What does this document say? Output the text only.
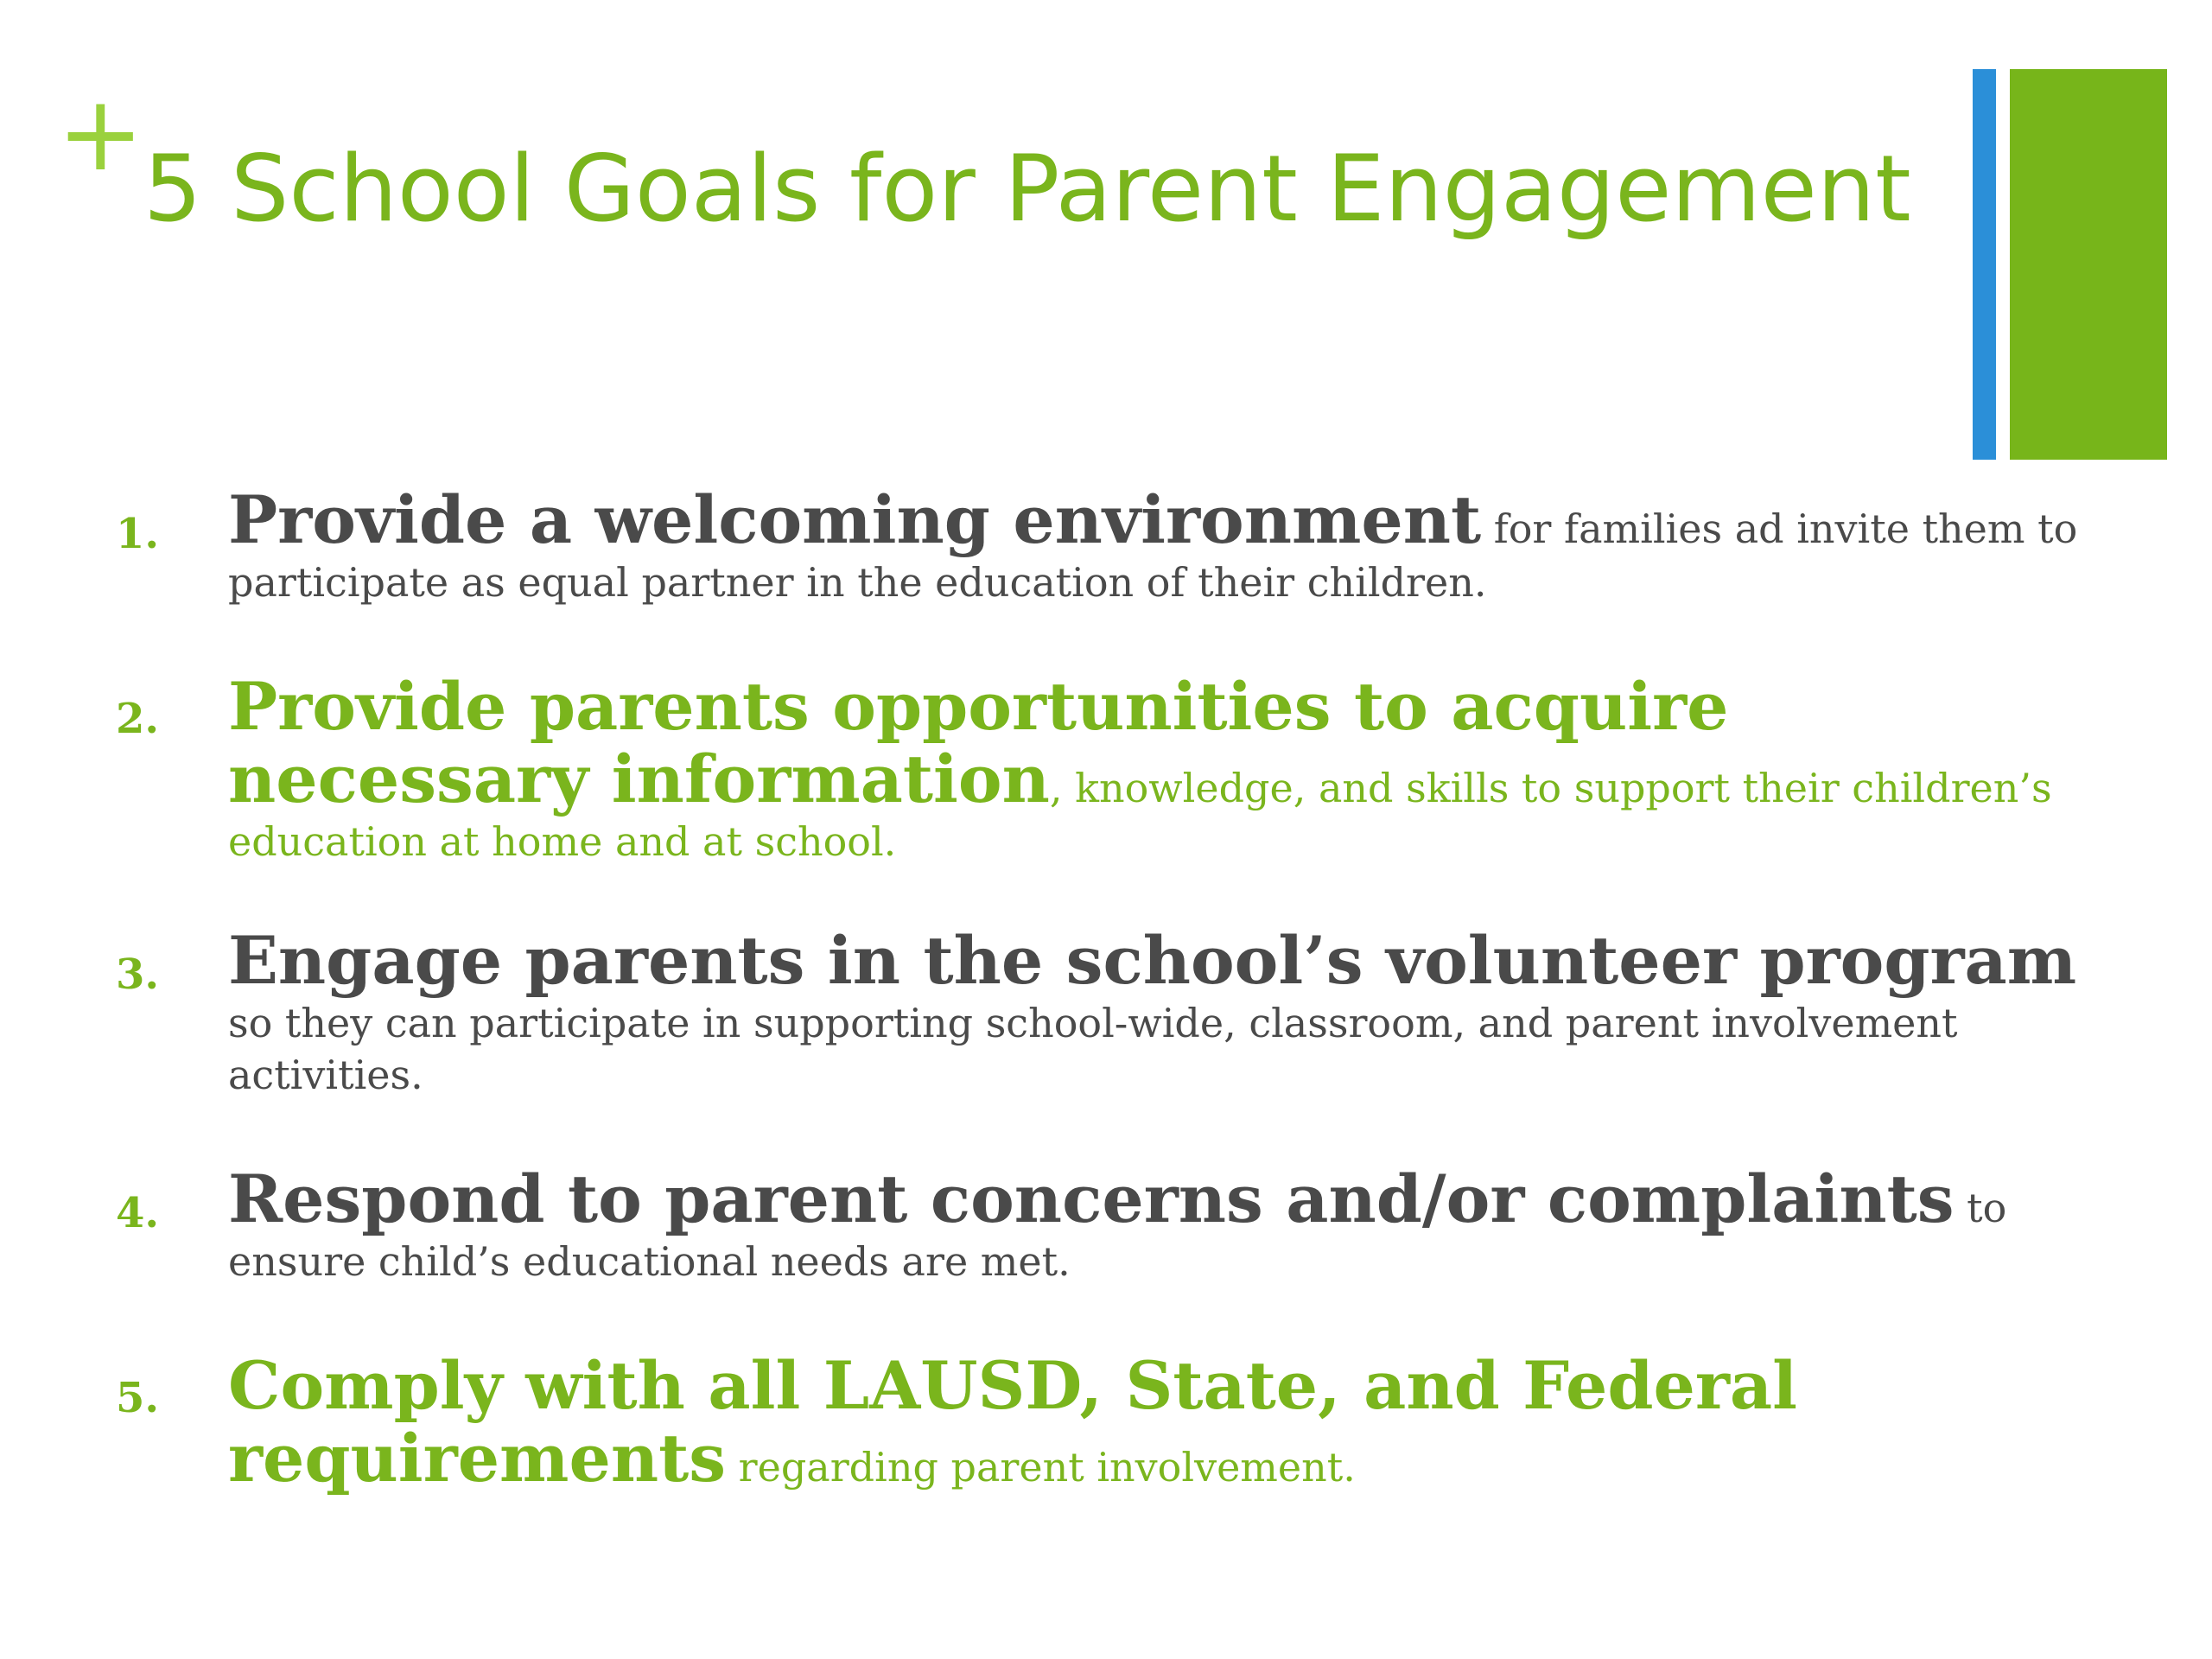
+ 5 School Goals for Parent Engagement
1. Provide a welcoming environment for families ad invite them to participate as equal partner in the education of their children.
2. Provide parents opportunities to acquire necessary information, knowledge, and skills to support their children’s education at home and at school.
3. Engage parents in the school’s volunteer program so they can participate in supporting school-wide, classroom, and parent involvement activities.
4. Respond to parent concerns and/or complaints to ensure child’s educational needs are met.
5. Comply with all LAUSD, State, and Federal requirements regarding parent involvement.
